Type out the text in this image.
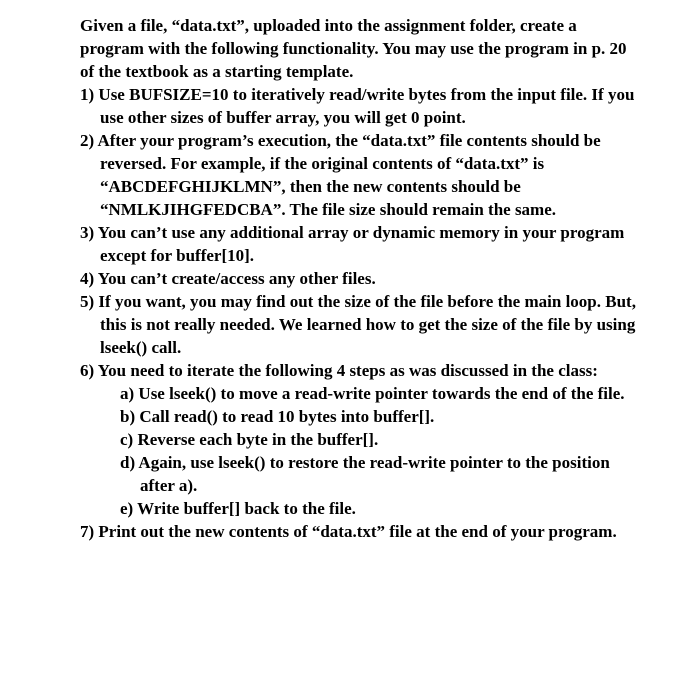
Given a file, “data.txt”, uploaded into the assignment folder, create a program with the following functionality. You may use the program in p. 20 of the textbook as a starting template.

1) Use BUFSIZE=10 to iteratively read/write bytes from the input file. If you use other sizes of buffer array, you will get 0 point.
2) After your program’s execution, the “data.txt” file contents should be reversed. For example, if the original contents of “data.txt” is “ABCDEFGHIJKLMN”, then the new contents should be “NMLKJIHGFEDCBA”. The file size should remain the same.
3) You can’t use any additional array or dynamic memory in your program except for buffer[10].
4) You can’t create/access any other files.
5) If you want, you may find out the size of the file before the main loop. But, this is not really needed. We learned how to get the size of the file by using lseek() call.
6) You need to iterate the following 4 steps as was discussed in the class:
a) Use lseek() to move a read-write pointer towards the end of the file.
b) Call read() to read 10 bytes into buffer[].
c) Reverse each byte in the buffer[].
d) Again, use lseek() to restore the read-write pointer to the position after a).
e) Write buffer[] back to the file.
7) Print out the new contents of “data.txt” file at the end of your program.
